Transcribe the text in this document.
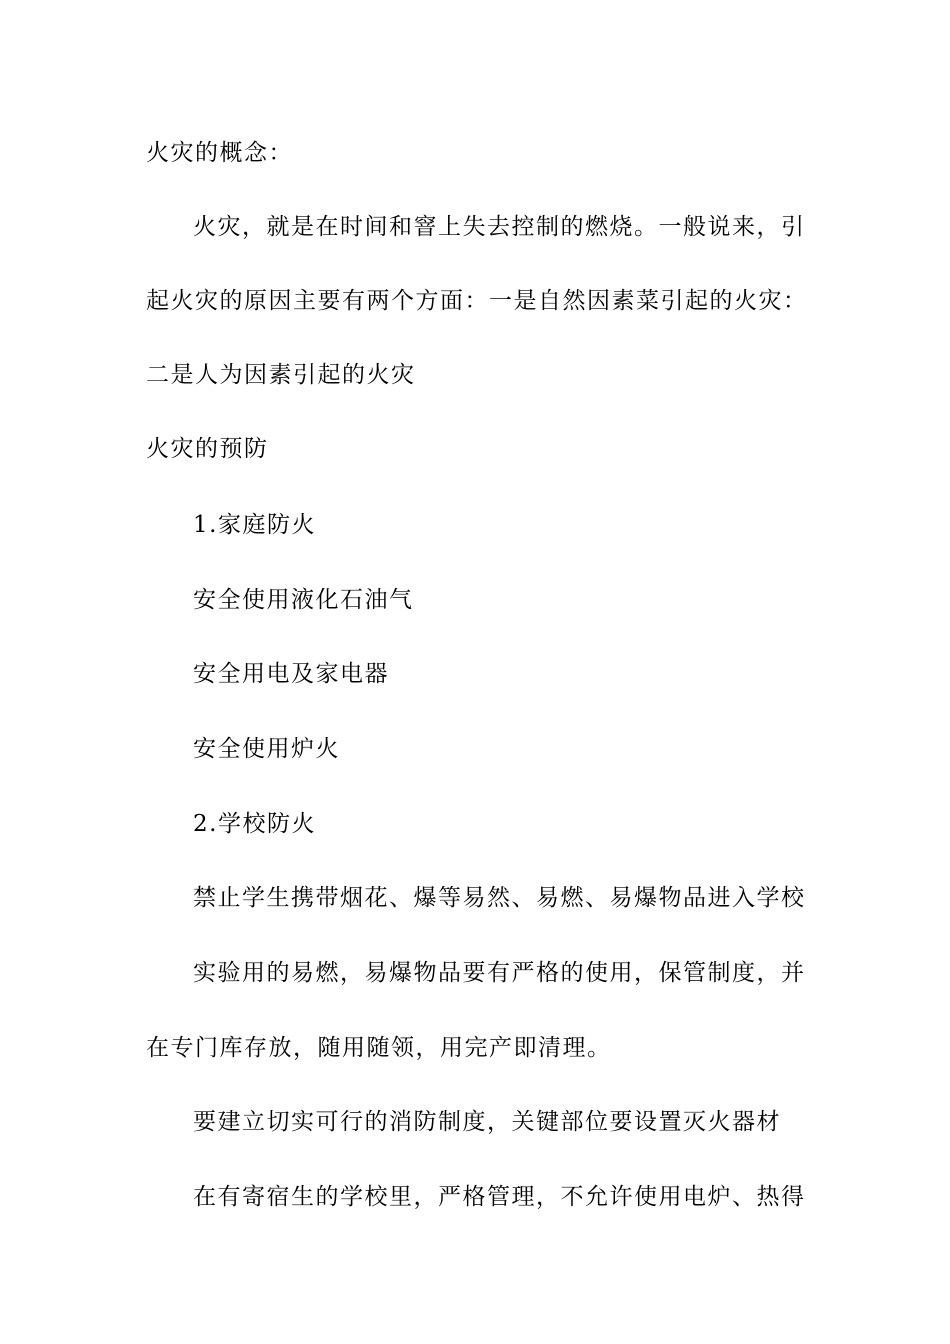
火灾的概念：
火灾，就是在时间和窨上失去控制的燃烧。一般说来，引
起火灾的原因主要有两个方面：一是自然因素菜引起的火灾：
二是人为因素引起的火灾
火灾的预防
1.家庭防火
安全使用液化石油气
安全用电及家电器
安全使用炉火
2.学校防火
禁止学生携带烟花、爆等易然、易燃、易爆物品进入学校
实验用的易燃，易爆物品要有严格的使用，保管制度，并
在专门库存放，随用随领，用完产即清理。
要建立切实可行的消防制度，关键部位要设置灭火器材
在有寄宿生的学校里，严格管理，不允许使用电炉、热得
